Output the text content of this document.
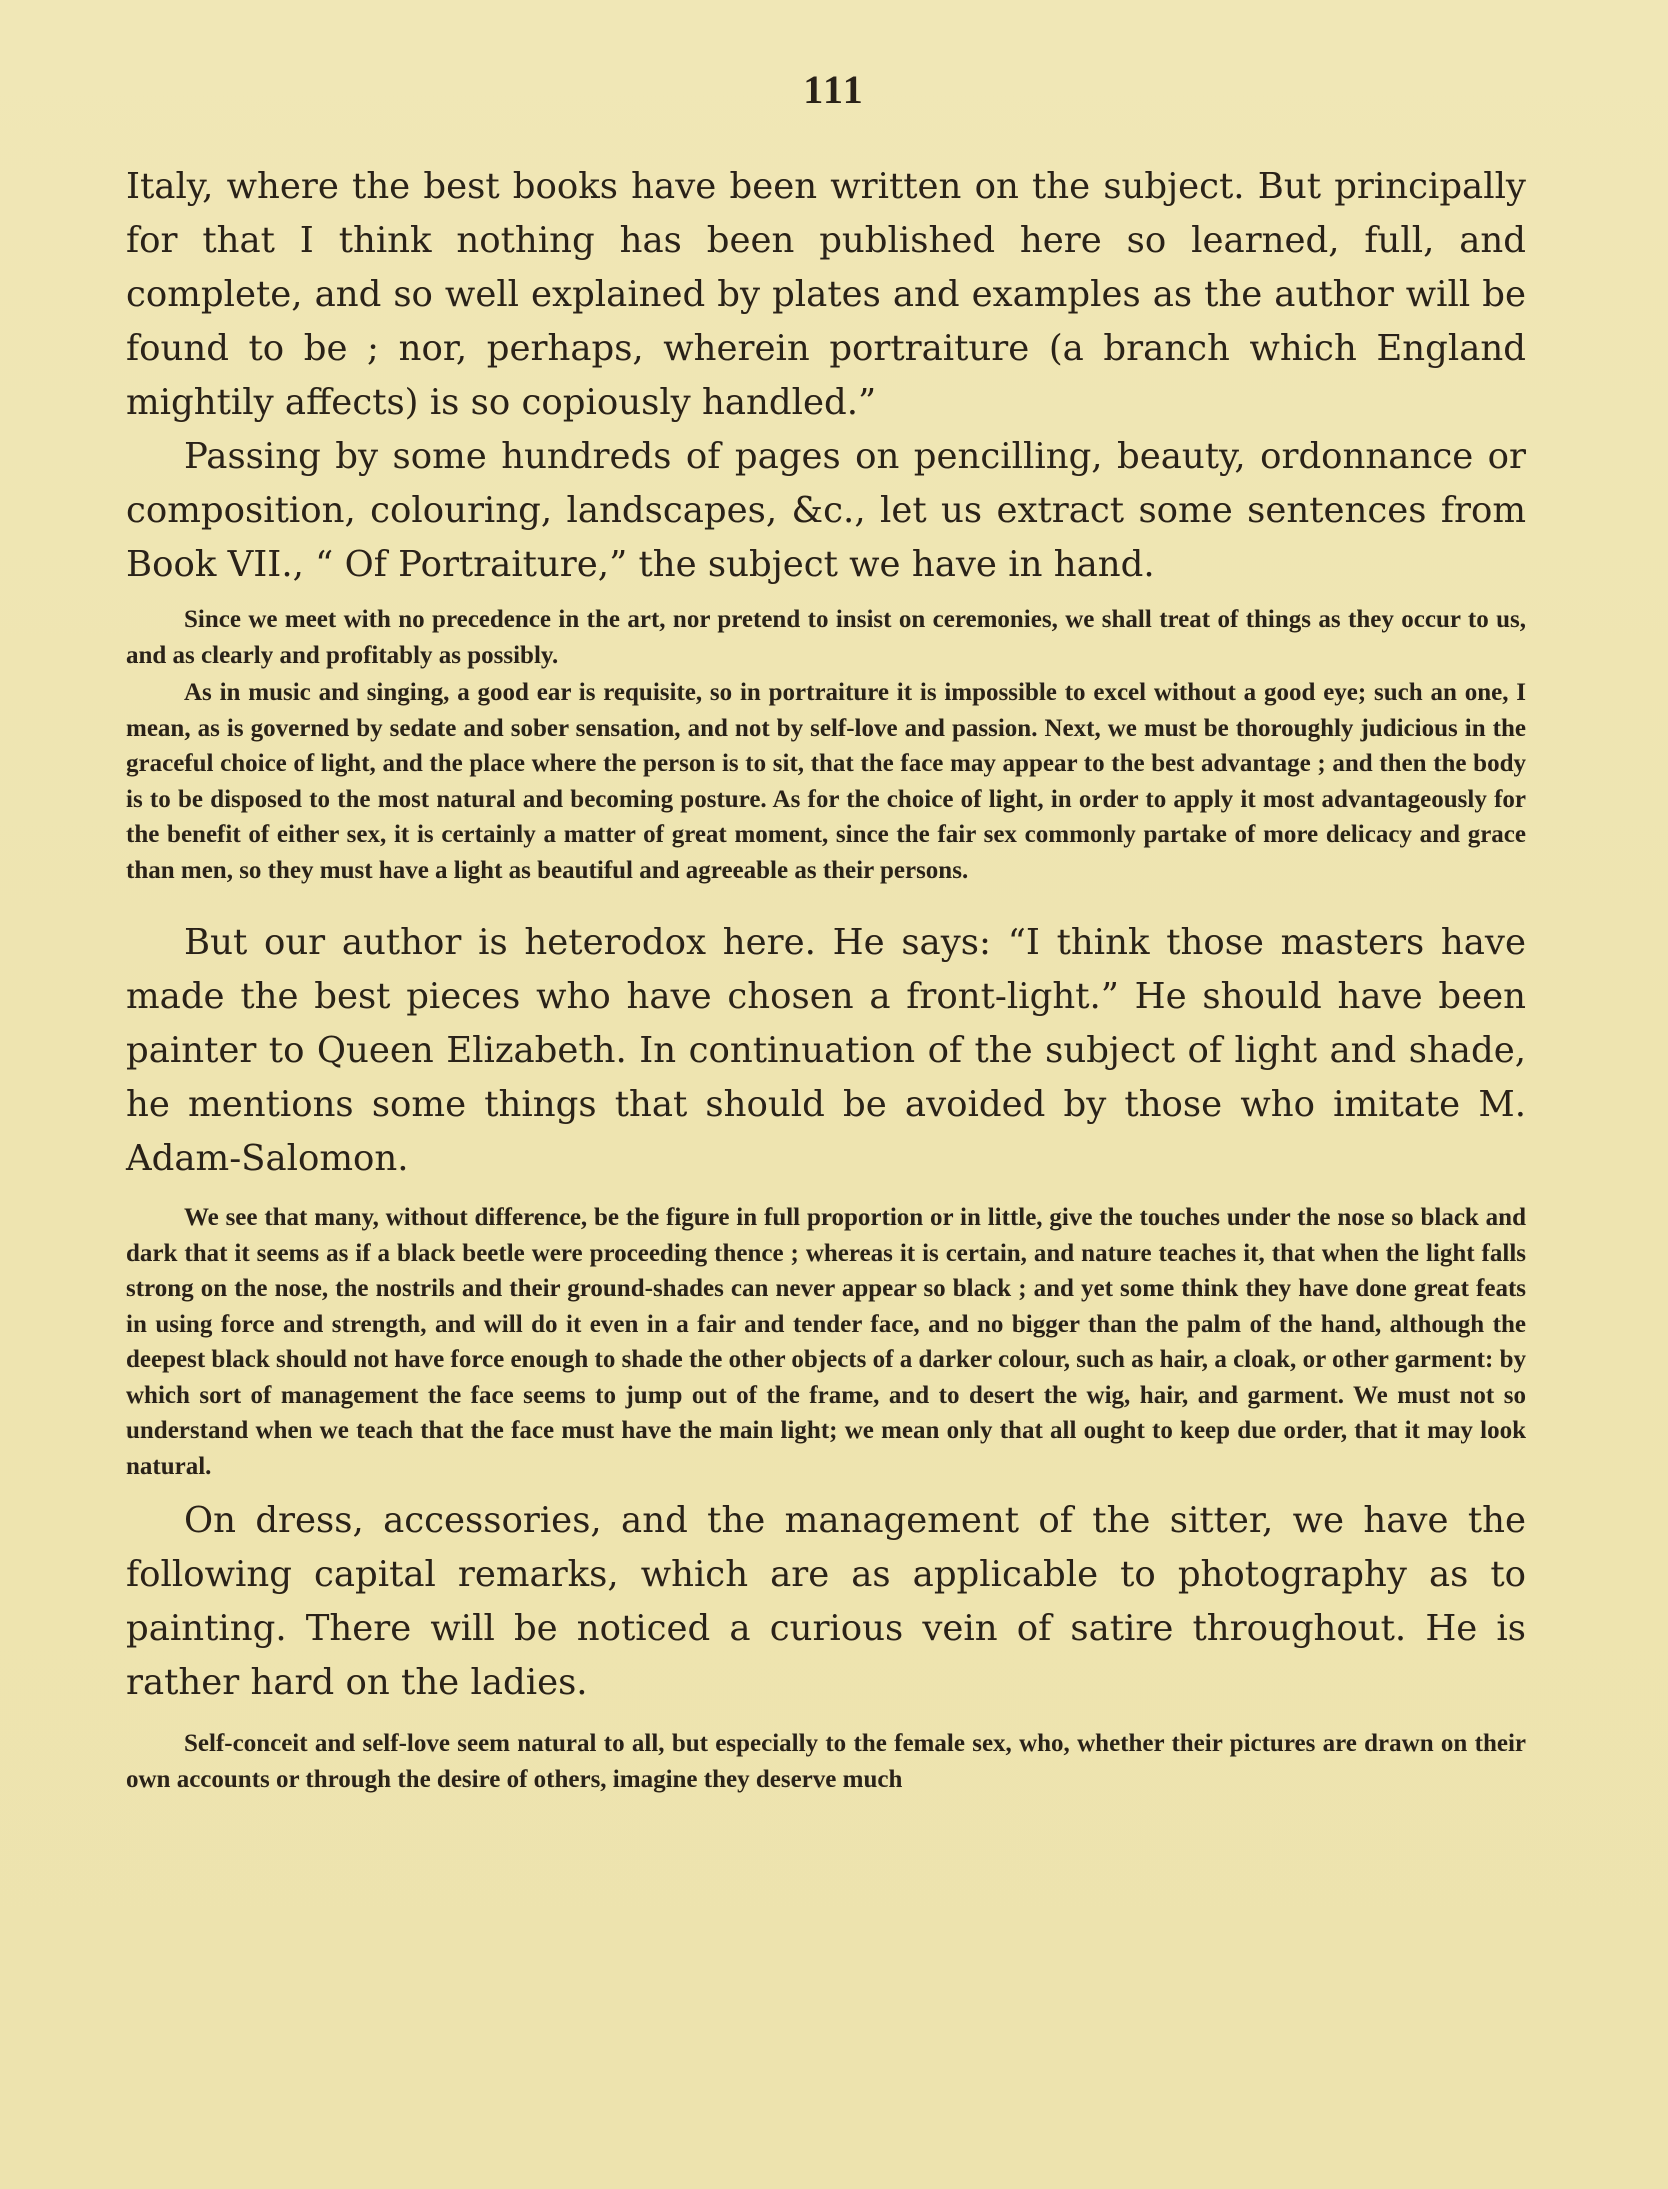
111

Italy, where the best books have been written on the subject. But principally for that I think nothing has been published here so learned, full, and complete, and so well explained by plates and examples as the author will be found to be ; nor, perhaps, wherein portraiture (a branch which England mightily affects) is so copiously handled.”

Passing by some hundreds of pages on pencilling, beauty, ordonnance or composition, colouring, landscapes, &c., let us extract some sentences from Book VII., “ Of Portraiture,” the subject we have in hand.

Since we meet with no precedence in the art, nor pretend to insist on ceremonies, we shall treat of things as they occur to us, and as clearly and profitably as possibly.

As in music and singing, a good ear is requisite, so in portraiture it is impossible to excel without a good eye; such an one, I mean, as is governed by sedate and sober sensation, and not by self-love and passion. Next, we must be thoroughly judicious in the graceful choice of light, and the place where the person is to sit, that the face may appear to the best advantage ; and then the body is to be disposed to the most natural and becoming posture. As for the choice of light, in order to apply it most advantageously for the benefit of either sex, it is certainly a matter of great moment, since the fair sex commonly partake of more delicacy and grace than men, so they must have a light as beautiful and agreeable as their persons.

But our author is heterodox here. He says: “I think those masters have made the best pieces who have chosen a front-light.” He should have been painter to Queen Elizabeth. In continuation of the subject of light and shade, he mentions some things that should be avoided by those who imitate M. Adam-Salomon.

We see that many, without difference, be the figure in full proportion or in little, give the touches under the nose so black and dark that it seems as if a black beetle were proceeding thence ; whereas it is certain, and nature teaches it, that when the light falls strong on the nose, the nostrils and their ground-shades can never appear so black ; and yet some think they have done great feats in using force and strength, and will do it even in a fair and tender face, and no bigger than the palm of the hand, although the deepest black should not have force enough to shade the other objects of a darker colour, such as hair, a cloak, or other garment: by which sort of management the face seems to jump out of the frame, and to desert the wig, hair, and garment. We must not so understand when we teach that the face must have the main light; we mean only that all ought to keep due order, that it may look natural.

On dress, accessories, and the management of the sitter, we have the following capital remarks, which are as applicable to photography as to painting. There will be noticed a curious vein of satire throughout. He is rather hard on the ladies.

Self-conceit and self-love seem natural to all, but especially to the female sex, who, whether their pictures are drawn on their own accounts or through the desire of others, imagine they deserve much
